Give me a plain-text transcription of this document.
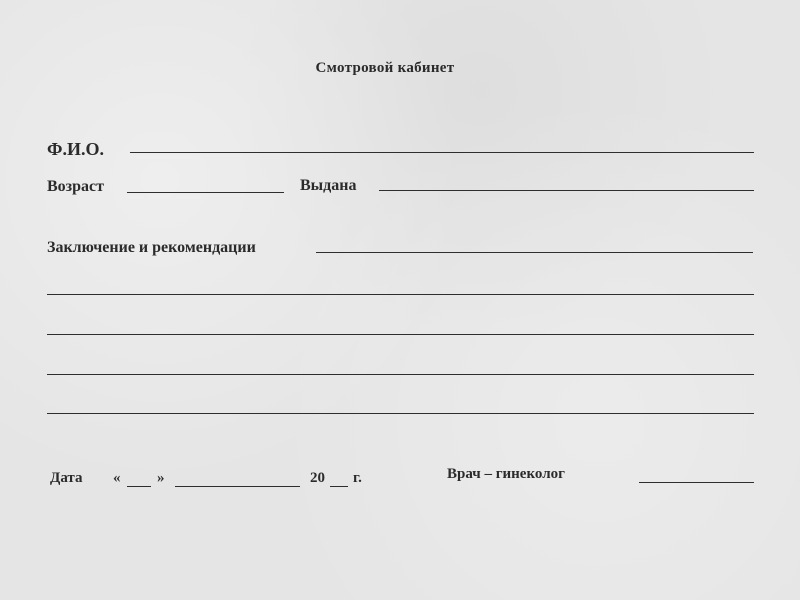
Смотровой кабинет
Ф.И.О.
Возраст	Выдана
Заключение и рекомендации
Дата « »	20 г.	Врач – гинеколог
